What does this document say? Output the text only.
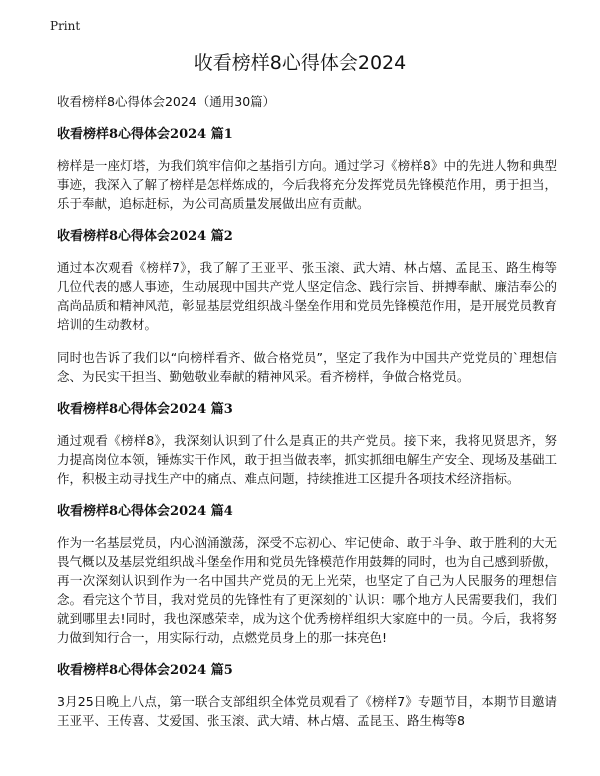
Print
收看榜样8心得体会2024

收看榜样8心得体会2024（通用30篇）

收看榜样8心得体会2024 篇1

榜样是一座灯塔，为我们筑牢信仰之基指引方向。通过学习《榜样8》中的先进人物和典型事迹，我深入了解了榜样是怎样炼成的，今后我将充分发挥党员先锋模范作用，勇于担当，乐于奉献，追标赶标，为公司高质量发展做出应有贡献。

收看榜样8心得体会2024 篇2

通过本次观看《榜样7》，我了解了王亚平、张玉滚、武大靖、林占熺、孟昆玉、路生梅等几位代表的感人事迹，生动展现中国共产党人坚定信念、践行宗旨、拼搏奉献、廉洁奉公的高尚品质和精神风范，彰显基层党组织战斗堡垒作用和党员先锋模范作用，是开展党员教育培训的生动教材。

同时也告诉了我们以“向榜样看齐、做合格党员”，坚定了我作为中国共产党党员的`理想信念、为民实干担当、勤勉敬业奉献的精神风采。看齐榜样，争做合格党员。

收看榜样8心得体会2024 篇3

通过观看《榜样8》，我深刻认识到了什么是真正的共产党员。接下来，我将见贤思齐，努力提高岗位本领，锤炼实干作风，敢于担当做表率，抓实抓细电解生产安全、现场及基础工作，积极主动寻找生产中的痛点、难点问题，持续推进工区提升各项技术经济指标。

收看榜样8心得体会2024 篇4

作为一名基层党员，内心汹涌激荡，深受不忘初心、牢记使命、敢于斗争、敢于胜利的大无畏气概以及基层党组织战斗堡垒作用和党员先锋模范作用鼓舞的同时，也为自己感到骄傲，再一次深刻认识到作为一名中国共产党员的无上光荣，也坚定了自己为人民服务的理想信念。看完这个节目，我对党员的先锋性有了更深刻的`认识：哪个地方人民需要我们，我们就到哪里去!同时，我也深感荣幸，成为这个优秀榜样组织大家庭中的一员。今后，我将努力做到知行合一，用实际行动，点燃党员身上的那一抹亮色!

收看榜样8心得体会2024 篇5

3月25日晚上八点，第一联合支部组织全体党员观看了《榜样7》专题节目，本期节目邀请王亚平、王传喜、艾爱国、张玉滚、武大靖、林占熺、孟昆玉、路生梅等8
